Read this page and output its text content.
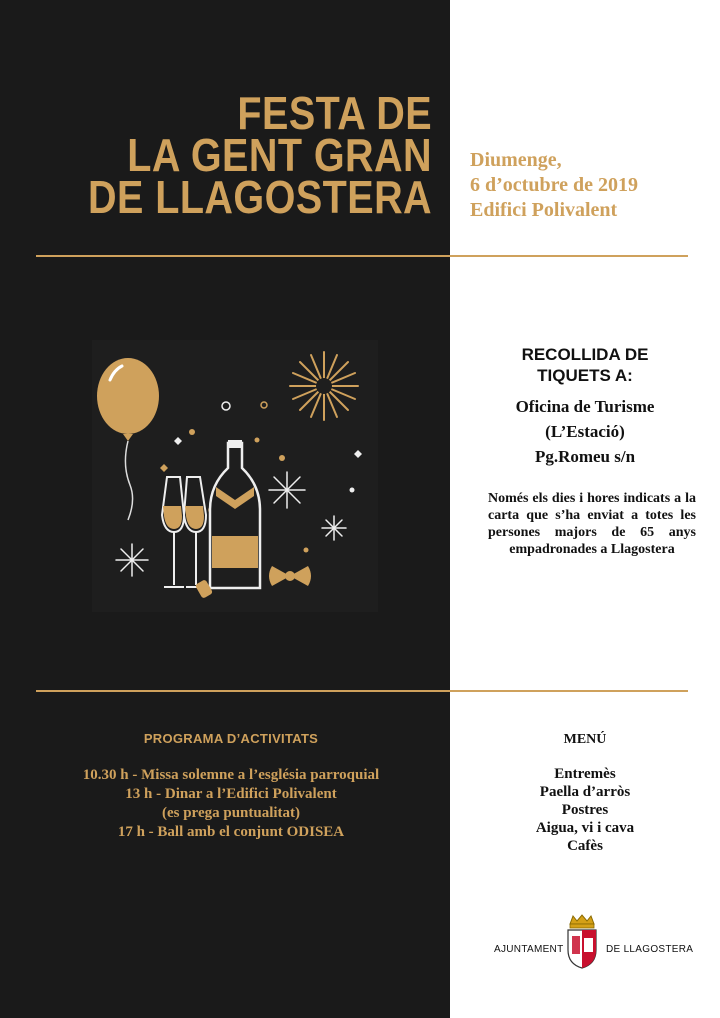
FESTA DE
LA GENT GRAN
DE LLAGOSTERA
Diumenge,
6 d’octubre de 2019
Edifici Polivalent
RECOLLIDA DE
TIQUETS A:
Oficina de Turisme
(L’Estació)
Pg.Romeu s/n
Només els dies i hores indicats a la carta que s’ha enviat a totes les persones majors de 65 anys empadronades a Llagostera
PROGRAMA D’ACTIVITATS
10.30 h - Missa solemne a l’església parroquial
13 h - Dinar a l’Edifici Polivalent
(es prega puntualitat)
17 h - Ball amb el conjunt ODISEA
MENÚ
Entremès
Paella d’arròs
Postres
Aigua, vi i cava
Cafès
AJUNTAMENT	DE LLAGOSTERA
